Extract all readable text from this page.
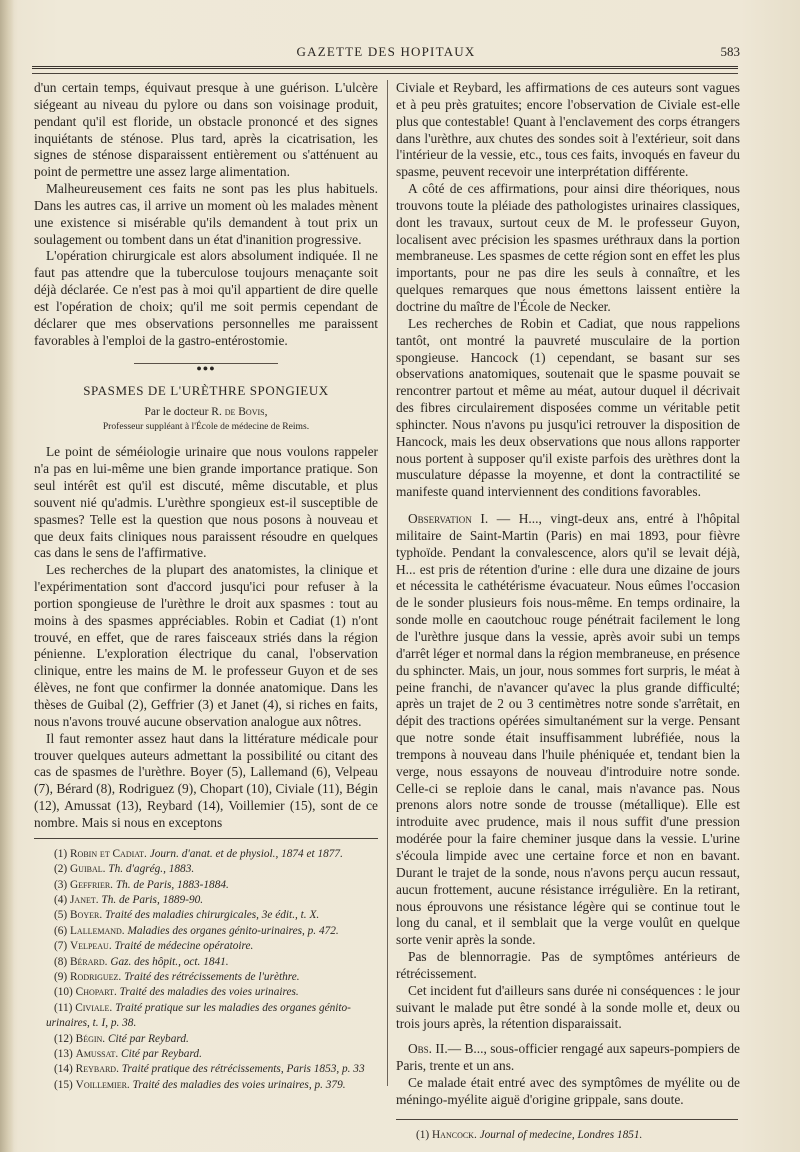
GAZETTE DES HOPITAUX	583

d'un certain temps, équivaut presque à une guérison. L'ulcère siégeant au niveau du pylore ou dans son voisinage produit, pendant qu'il est floride, un obstacle prononcé et des signes inquiétants de sténose. Plus tard, après la cicatrisation, les signes de sténose disparaissent entièrement ou s'atténuent au point de permettre une assez large alimentation.

Malheureusement ces faits ne sont pas les plus habituels. Dans les autres cas, il arrive un moment où les malades mènent une existence si misérable qu'ils demandent à tout prix un soulagement ou tombent dans un état d'inanition progressive.

L'opération chirurgicale est alors absolument indiquée. Il ne faut pas attendre que la tuberculose toujours menaçante soit déjà déclarée. Ce n'est pas à moi qu'il appartient de dire quelle est l'opération de choix; qu'il me soit permis cependant de déclarer que mes observations personnelles me paraissent favorables à l'emploi de la gastro-entérostomie.

●●●
SPASMES DE L'URÈTHRE SPONGIEUX
Par le docteur R. de Bovis,
Professeur suppléant à l'École de médecine de Reims.

Le point de séméiologie urinaire que nous voulons rappeler n'a pas en lui-même une bien grande importance pratique. Son seul intérêt est qu'il est discuté, même discutable, et plus souvent nié qu'admis. L'urèthre spongieux est-il susceptible de spasmes? Telle est la question que nous posons à nouveau et que deux faits cliniques nous paraissent résoudre en quelques cas dans le sens de l'affirmative.

Les recherches de la plupart des anatomistes, la clinique et l'expérimentation sont d'accord jusqu'ici pour refuser à la portion spongieuse de l'urèthre le droit aux spasmes : tout au moins à des spasmes appréciables. Robin et Cadiat (1) n'ont trouvé, en effet, que de rares faisceaux striés dans la région pénienne. L'exploration électrique du canal, l'observation clinique, entre les mains de M. le professeur Guyon et de ses élèves, ne font que confirmer la donnée anatomique. Dans les thèses de Guibal (2), Geffrier (3) et Janet (4), si riches en faits, nous n'avons trouvé aucune observation analogue aux nôtres.

Il faut remonter assez haut dans la littérature médicale pour trouver quelques auteurs admettant la possibilité ou citant des cas de spasmes de l'urèthre. Boyer (5), Lallemand (6), Velpeau (7), Bérard (8), Rodriguez (9), Chopart (10), Civiale (11), Bégin (12), Amussat (13), Reybard (14), Voillemier (15), sont de ce nombre. Mais si nous en exceptons

(1) Robin et Cadiat. Journ. d'anat. et de physiol., 1874 et 1877.

(2) Guibal. Th. d'agrég., 1883.

(3) Geffrier. Th. de Paris, 1883-1884.

(4) Janet. Th. de Paris, 1889-90.

(5) Boyer. Traité des maladies chirurgicales, 3e édit., t. X.

(6) Lallemand. Maladies des organes génito-urinaires, p. 472.

(7) Velpeau. Traité de médecine opératoire.

(8) Bérard. Gaz. des hôpit., oct. 1841.

(9) Rodriguez. Traité des rétrécissements de l'urèthre.

(10) Chopart. Traité des maladies des voies urinaires.

(11) Civiale. Traité pratique sur les maladies des organes génito-

urinaires, t. I, p. 38.

(12) Bégin. Cité par Reybard.

(13) Amussat. Cité par Reybard.

(14) Reybard. Traité pratique des rétrécissements, Paris 1853, p. 33

(15) Voillemier. Traité des maladies des voies urinaires, p. 379.

Civiale et Reybard, les affirmations de ces auteurs sont vagues et à peu près gratuites; encore l'observation de Civiale est-elle plus que contestable! Quant à l'enclavement des corps étrangers dans l'urèthre, aux chutes des sondes soit à l'extérieur, soit dans l'intérieur de la vessie, etc., tous ces faits, invoqués en faveur du spasme, peuvent recevoir une interprétation différente.

A côté de ces affirmations, pour ainsi dire théoriques, nous trouvons toute la pléiade des pathologistes urinaires classiques, dont les travaux, surtout ceux de M. le professeur Guyon, localisent avec précision les spasmes uréthraux dans la portion membraneuse. Les spasmes de cette région sont en effet les plus importants, pour ne pas dire les seuls à connaître, et les quelques remarques que nous émettons laissent entière la doctrine du maître de l'École de Necker.

Les recherches de Robin et Cadiat, que nous rappelions tantôt, ont montré la pauvreté musculaire de la portion spongieuse. Hancock (1) cependant, se basant sur ses observations anatomiques, soutenait que le spasme pouvait se rencontrer partout et même au méat, autour duquel il décrivait des fibres circulairement disposées comme un véritable petit sphincter. Nous n'avons pu jusqu'ici retrouver la disposition de Hancock, mais les deux observations que nous allons rapporter nous portent à supposer qu'il existe parfois des urèthres dont la musculature dépasse la moyenne, et dont la contractilité se manifeste quand interviennent des conditions favorables.

Observation I. — H..., vingt-deux ans, entré à l'hôpital militaire de Saint-Martin (Paris) en mai 1893, pour fièvre typhoïde. Pendant la convalescence, alors qu'il se levait déjà, H... est pris de rétention d'urine : elle dura une dizaine de jours et nécessita le cathétérisme évacuateur. Nous eûmes l'occasion de le sonder plusieurs fois nous-même. En temps ordinaire, la sonde molle en caoutchouc rouge pénétrait facilement le long de l'urèthre jusque dans la vessie, après avoir subi un temps d'arrêt léger et normal dans la région membraneuse, en présence du sphincter. Mais, un jour, nous sommes fort surpris, le méat à peine franchi, de n'avancer qu'avec la plus grande difficulté; après un trajet de 2 ou 3 centimètres notre sonde s'arrêtait, en dépit des tractions opérées simultanément sur la verge. Pensant que notre sonde était insuffisamment lubréfiée, nous la trempons à nouveau dans l'huile phéniquée et, tendant bien la verge, nous essayons de nouveau d'introduire notre sonde. Celle-ci se reploie dans le canal, mais n'avance pas. Nous prenons alors notre sonde de trousse (métallique). Elle est introduite avec prudence, mais il nous suffit d'une pression modérée pour la faire cheminer jusque dans la vessie. L'urine s'écoula limpide avec une certaine force et non en bavant. Durant le trajet de la sonde, nous n'avons perçu aucun ressaut, aucun frottement, aucune résistance irrégulière. En la retirant, nous éprouvons une résistance légère qui se continue tout le long du canal, et il semblait que la verge voulût en quelque sorte venir après la sonde.

Pas de blennorragie. Pas de symptômes antérieurs de rétrécissement.

Cet incident fut d'ailleurs sans durée ni conséquences : le jour suivant le malade put être sondé à la sonde molle et, deux ou trois jours après, la rétention disparaissait.

Obs. II.— B..., sous-officier rengagé aux sapeurs-pompiers de Paris, trente et un ans.

Ce malade était entré avec des symptômes de myélite ou de méningo-myélite aiguë d'origine grippale, sans doute.

(1) Hancock. Journal of medecine, Londres 1851.
